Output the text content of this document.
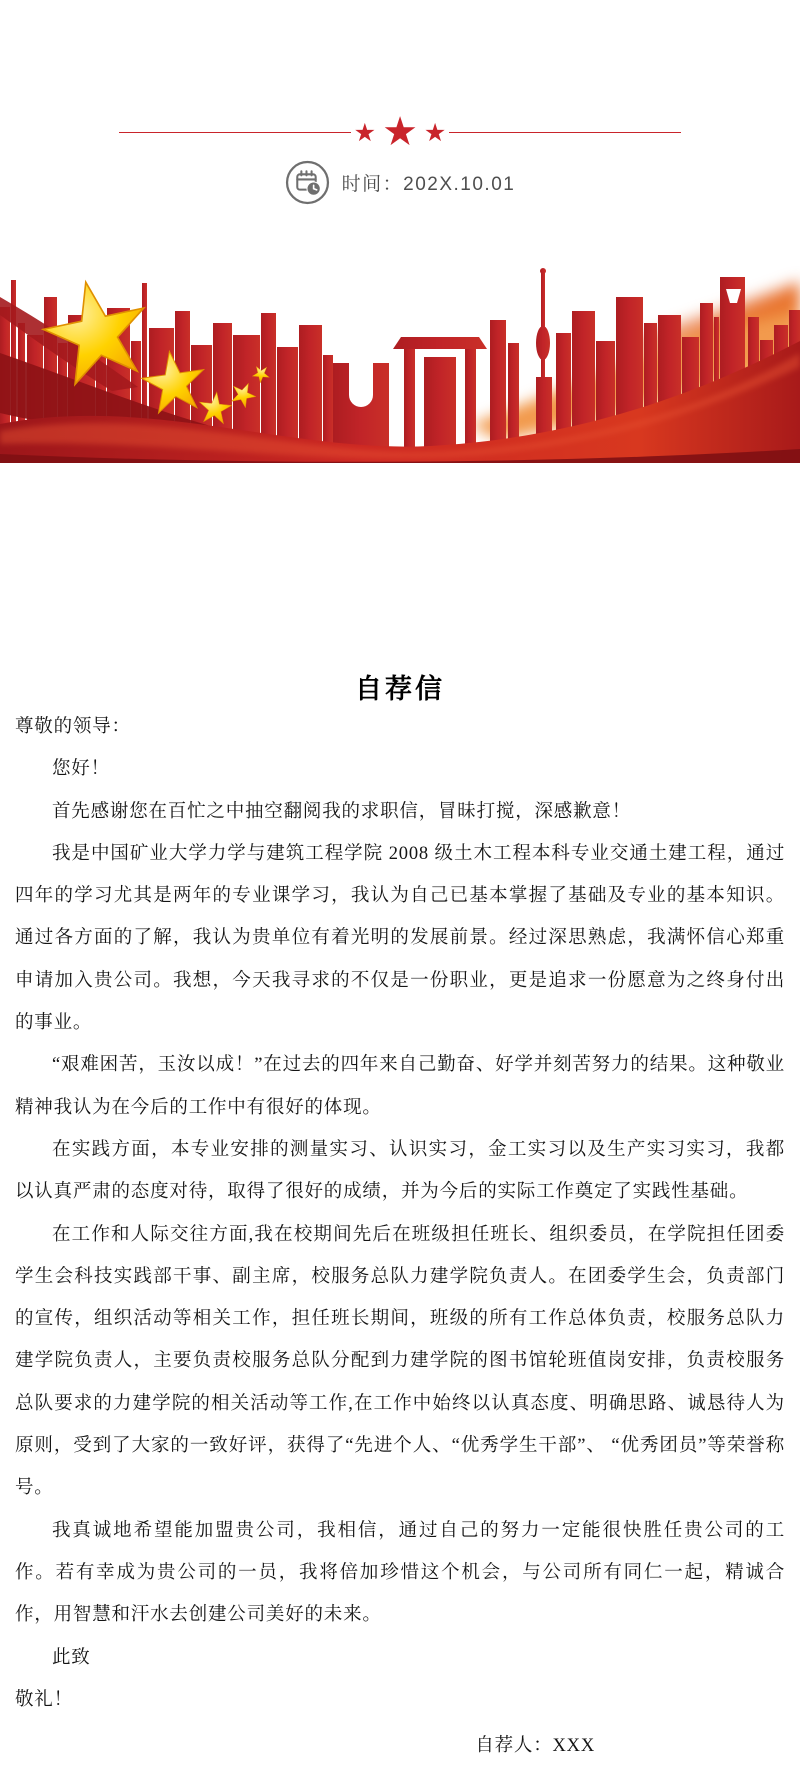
★ ★ ★
时间：202X.10.01
自荐信

尊敬的领导：

您好！

首先感谢您在百忙之中抽空翻阅我的求职信，冒昧打搅，深感歉意！

我是中国矿业大学力学与建筑工程学院 2008 级土木工程本科专业交通土建工程，通过四年的学习尤其是两年的专业课学习，我认为自己已基本掌握了基础及专业的基本知识。通过各方面的了解，我认为贵单位有着光明的发展前景。经过深思熟虑，我满怀信心郑重申请加入贵公司。我想，今天我寻求的不仅是一份职业，更是追求一份愿意为之终身付出的事业。

“艰难困苦，玉汝以成！”在过去的四年来自己勤奋、好学并刻苦努力的结果。这种敬业精神我认为在今后的工作中有很好的体现。

在实践方面，本专业安排的测量实习、认识实习，金工实习以及生产实习实习，我都以认真严肃的态度对待，取得了很好的成绩，并为今后的实际工作奠定了实践性基础。

在工作和人际交往方面,我在校期间先后在班级担任班长、组织委员，在学院担任团委学生会科技实践部干事、副主席，校服务总队力建学院负责人。在团委学生会，负责部门的宣传，组织活动等相关工作，担任班长期间，班级的所有工作总体负责，校服务总队力建学院负责人，主要负责校服务总队分配到力建学院的图书馆轮班值岗安排，负责校服务总队要求的力建学院的相关活动等工作,在工作中始终以认真态度、明确思路、诚恳待人为原则，受到了大家的一致好评，获得了“先进个人、“优秀学生干部”、 “优秀团员”等荣誉称号。

我真诚地希望能加盟贵公司，我相信，通过自己的努力一定能很快胜任贵公司的工作。若有幸成为贵公司的一员，我将倍加珍惜这个机会，与公司所有同仁一起，精诚合作，用智慧和汗水去创建公司美好的未来。

此致

敬礼！

自荐人：XXX
